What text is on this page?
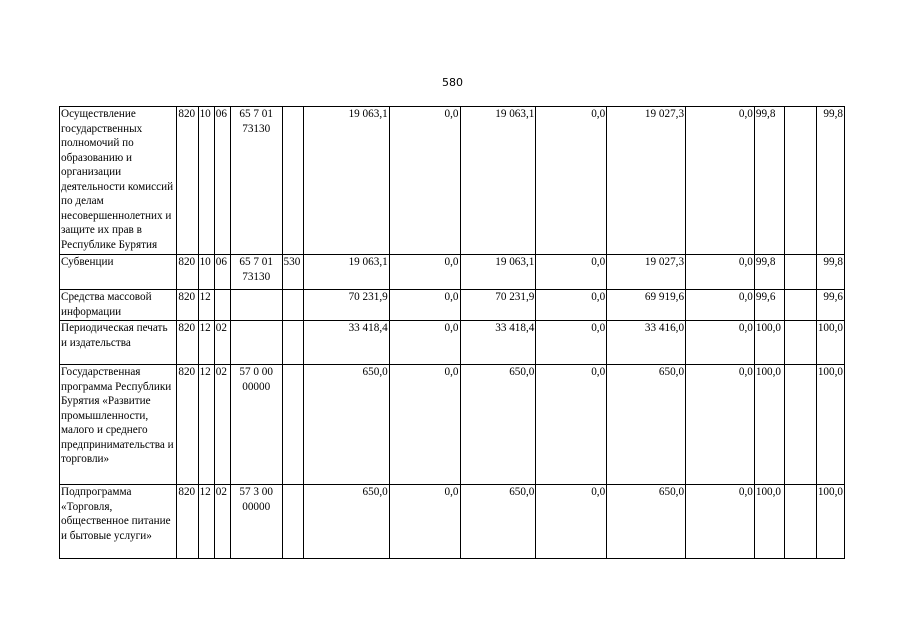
580
Осуществление государственных полномочий по образованию и организации деятельности комиссий по делам несовершеннолетних и защите их прав в Республике Бурятия	820	10	06	65 7 01 73130		19 063,1	0,0	19 063,1	0,0	19 027,3	0,0	99,8		99,8
Субвенции	820	10	06	65 7 01 73130	530	19 063,1	0,0	19 063,1	0,0	19 027,3	0,0	99,8		99,8
Средства массовой информации	820	12				70 231,9	0,0	70 231,9	0,0	69 919,6	0,0	99,6		99,6
Периодическая печать и издательства	820	12	02			33 418,4	0,0	33 418,4	0,0	33 416,0	0,0	100,0		100,0
Государственная программа Республики Бурятия «Развитие промышленности, малого и среднего предпринимательства и торговли»	820	12	02	57 0 00 00000		650,0	0,0	650,0	0,0	650,0	0,0	100,0		100,0
Подпрограмма «Торговля, общественное питание и бытовые услуги»	820	12	02	57 3 00 00000		650,0	0,0	650,0	0,0	650,0	0,0	100,0		100,0
